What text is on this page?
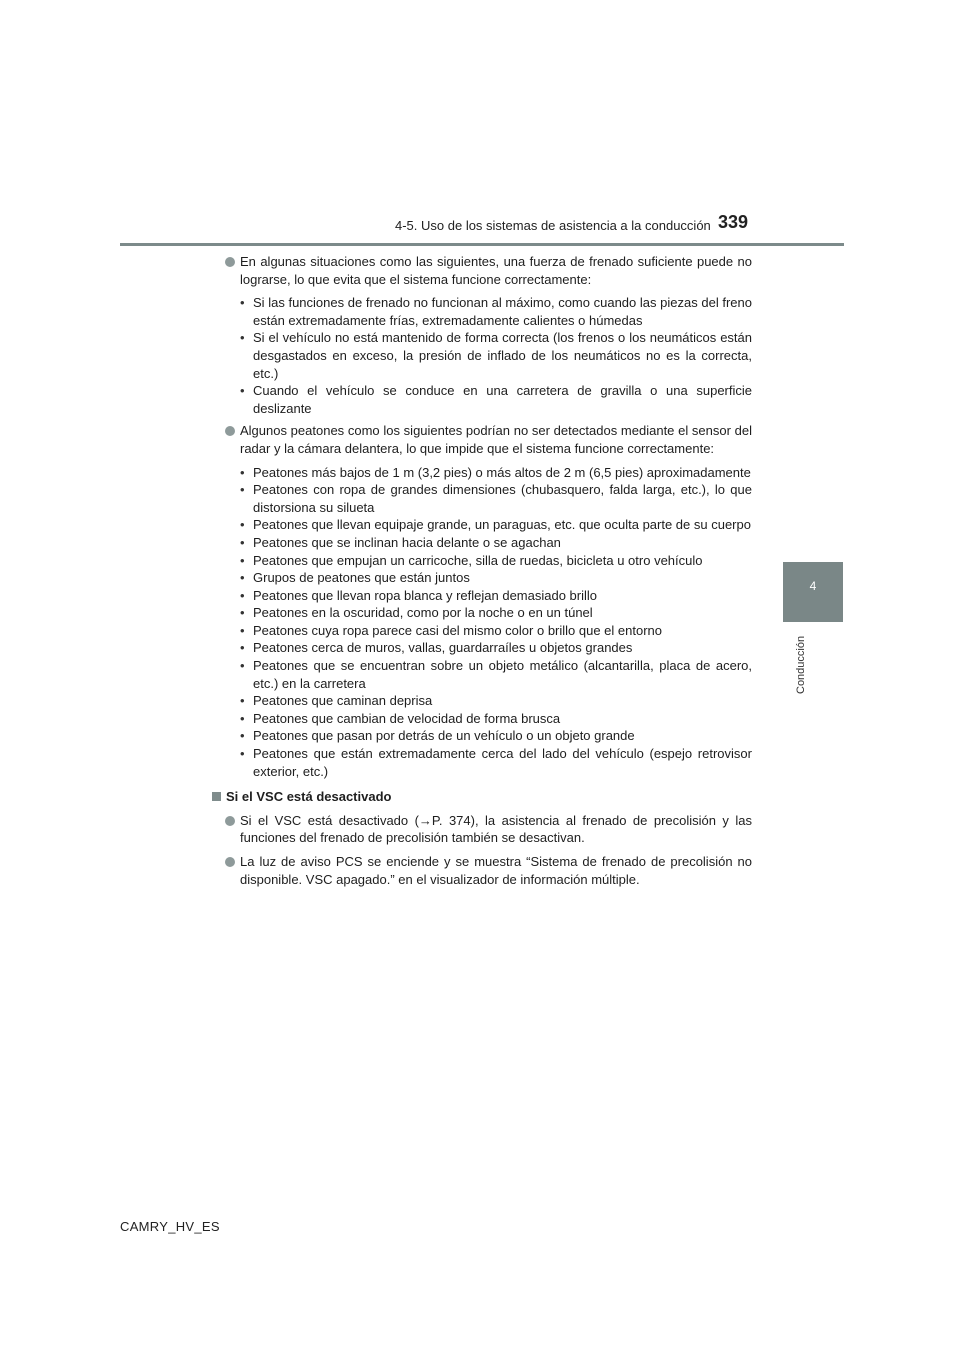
4-5. Uso de los sistemas de asistencia a la conducción 339
4
Conducción

En algunas situaciones como las siguientes, una fuerza de frenado suficiente puede no lograrse, lo que evita que el sistema funcione correctamente:

• Si las funciones de frenado no funcionan al máximo, como cuando las piezas del freno están extremadamente frías, extremadamente calientes o húmedas
• Si el vehículo no está mantenido de forma correcta (los frenos o los neumáticos están desgastados en exceso, la presión de inflado de los neumáticos no es la correcta, etc.)
• Cuando el vehículo se conduce en una carretera de gravilla o una superficie deslizante

Algunos peatones como los siguientes podrían no ser detectados mediante el sensor del radar y la cámara delantera, lo que impide que el sistema funcione correctamente:

• Peatones más bajos de 1 m (3,2 pies) o más altos de 2 m (6,5 pies) aproximadamente
• Peatones con ropa de grandes dimensiones (chubasquero, falda larga, etc.), lo que distorsiona su silueta
• Peatones que llevan equipaje grande, un paraguas, etc. que oculta parte de su cuerpo
• Peatones que se inclinan hacia delante o se agachan
• Peatones que empujan un carricoche, silla de ruedas, bicicleta u otro vehículo
• Grupos de peatones que están juntos
• Peatones que llevan ropa blanca y reflejan demasiado brillo
• Peatones en la oscuridad, como por la noche o en un túnel
• Peatones cuya ropa parece casi del mismo color o brillo que el entorno
• Peatones cerca de muros, vallas, guardarraíles u objetos grandes
• Peatones que se encuentran sobre un objeto metálico (alcantarilla, placa de acero, etc.) en la carretera
• Peatones que caminan deprisa
• Peatones que cambian de velocidad de forma brusca
• Peatones que pasan por detrás de un vehículo o un objeto grande
• Peatones que están extremadamente cerca del lado del vehículo (espejo retrovisor exterior, etc.)
Si el VSC está desactivado

Si el VSC está desactivado (→P. 374), la asistencia al frenado de precolisión y las funciones del frenado de precolisión también se desactivan.

La luz de aviso PCS se enciende y se muestra “Sistema de frenado de precolisión no disponible. VSC apagado.” en el visualizador de información múltiple.

CAMRY_HV_ES
